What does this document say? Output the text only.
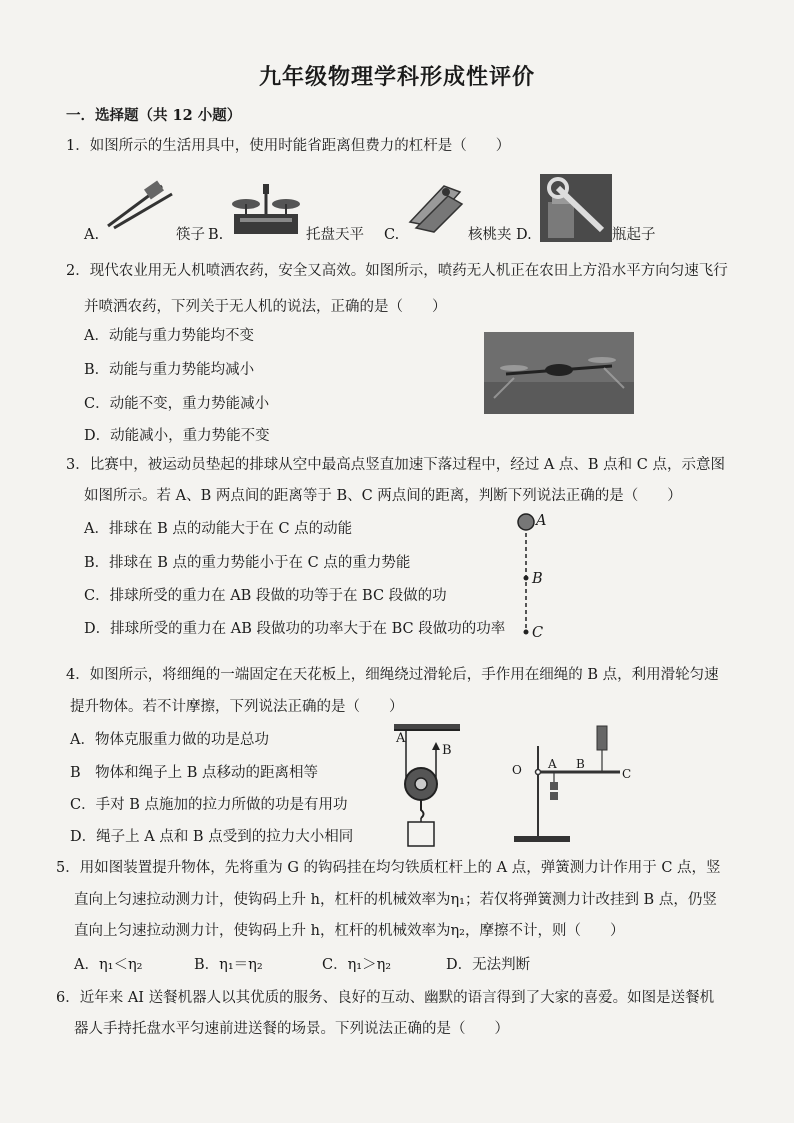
九年级物理学科形成性评价
一．选择题（共 12 小题）
1．如图所示的生活用具中，使用时能省距离但费力的杠杆是（　　）
A.	筷子 B.	托盘天平 C.	核桃夹 D.	瓶起子
2．现代农业用无人机喷洒农药，安全又高效。如图所示，喷药无人机正在农田上方沿水平方向匀速飞行
并喷洒农药，下列关于无人机的说法，正确的是（　　）
A．动能与重力势能均不变
B．动能与重力势能均减小
C．动能不变，重力势能减小
D．动能减小，重力势能不变
3．比赛中，被运动员垫起的排球从空中最高点竖直加速下落过程中，经过 A 点、B 点和 C 点，示意图
如图所示。若 A、B 两点间的距离等于 B、C 两点间的距离，判断下列说法正确的是（　　）
A．排球在 B 点的动能大于在 C 点的动能
B．排球在 B 点的重力势能小于在 C 点的重力势能
C．排球所受的重力在 AB 段做的功等于在 BC 段做的功
D．排球所受的重力在 AB 段做功的功率大于在 BC 段做功的功率
A
B
C
4．如图所示，将细绳的一端固定在天花板上，细绳绕过滑轮后，手作用在细绳的 B 点，利用滑轮匀速
提升物体。若不计摩擦，下列说法正确的是（　　）
A．物体克服重力做的功是总功
B　物体和绳子上 B 点移动的距离相等
C．手对 B 点施加的拉力所做的功是有用功
D．绳子上 A 点和 B 点受到的拉力大小相同
A
B
O A B
C
5．用如图装置提升物体，先将重为 G 的钩码挂在均匀铁质杠杆上的 A 点，弹簧测力计作用于 C 点，竖
直向上匀速拉动测力计，使钩码上升 h，杠杆的机械效率为η₁；若仅将弹簧测力计改挂到 B 点，仍竖
直向上匀速拉动测力计，使钩码上升 h，杠杆的机械效率为η₂，摩擦不计，则（　　）
A．η₁＜η₂	B．η₁＝η₂	C．η₁＞η₂	D．无法判断
6．近年来 AI 送餐机器人以其优质的服务、良好的互动、幽默的语言得到了大家的喜爱。如图是送餐机
器人手持托盘水平匀速前进送餐的场景。下列说法正确的是（　　）
